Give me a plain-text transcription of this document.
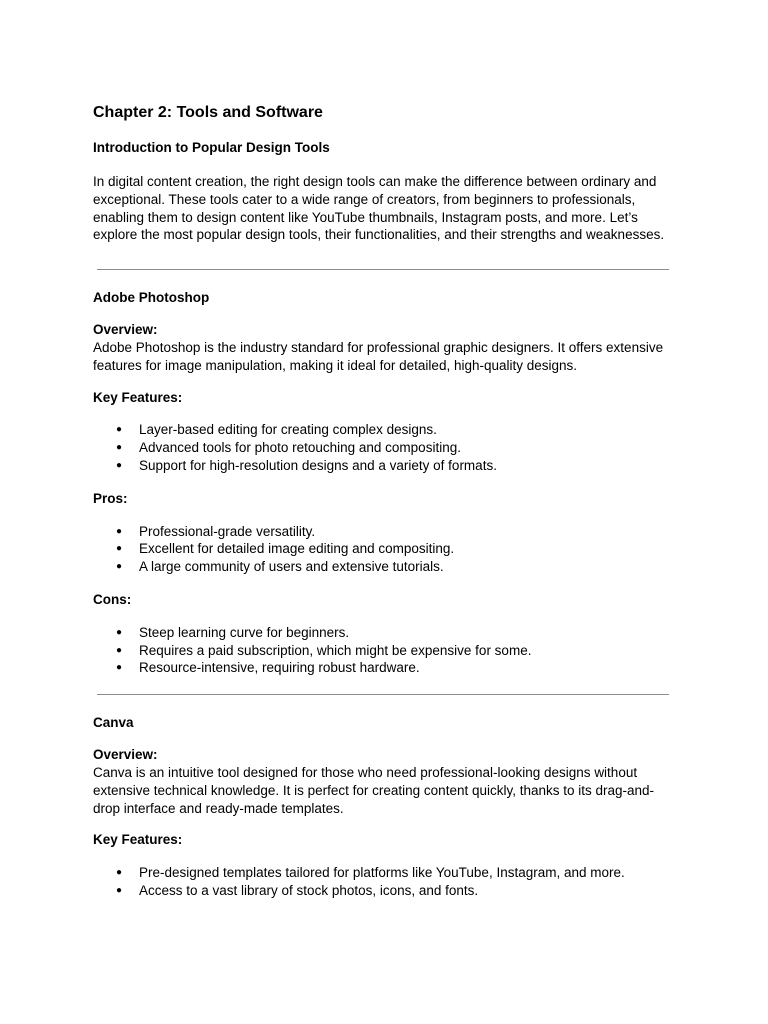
Chapter 2: Tools and Software
Introduction to Popular Design Tools

In digital content creation, the right design tools can make the difference between ordinary and exceptional. These tools cater to a wide range of creators, from beginners to professionals, enabling them to design content like YouTube thumbnails, Instagram posts, and more. Let’s explore the most popular design tools, their functionalities, and their strengths and weaknesses.

Adobe Photoshop
Overview:

Adobe Photoshop is the industry standard for professional graphic designers. It offers extensive features for image manipulation, making it ideal for detailed, high-quality designs.

Key Features:
● Layer-based editing for creating complex designs.
● Advanced tools for photo retouching and compositing.
● Support for high-resolution designs and a variety of formats.
Pros:
● Professional-grade versatility.
● Excellent for detailed image editing and compositing.
● A large community of users and extensive tutorials.
Cons:
● Steep learning curve for beginners.
● Requires a paid subscription, which might be expensive for some.
● Resource-intensive, requiring robust hardware.
Canva
Overview:

Canva is an intuitive tool designed for those who need professional-looking designs without extensive technical knowledge. It is perfect for creating content quickly, thanks to its drag-and-drop interface and ready-made templates.

Key Features:
● Pre-designed templates tailored for platforms like YouTube, Instagram, and more.
● Access to a vast library of stock photos, icons, and fonts.
